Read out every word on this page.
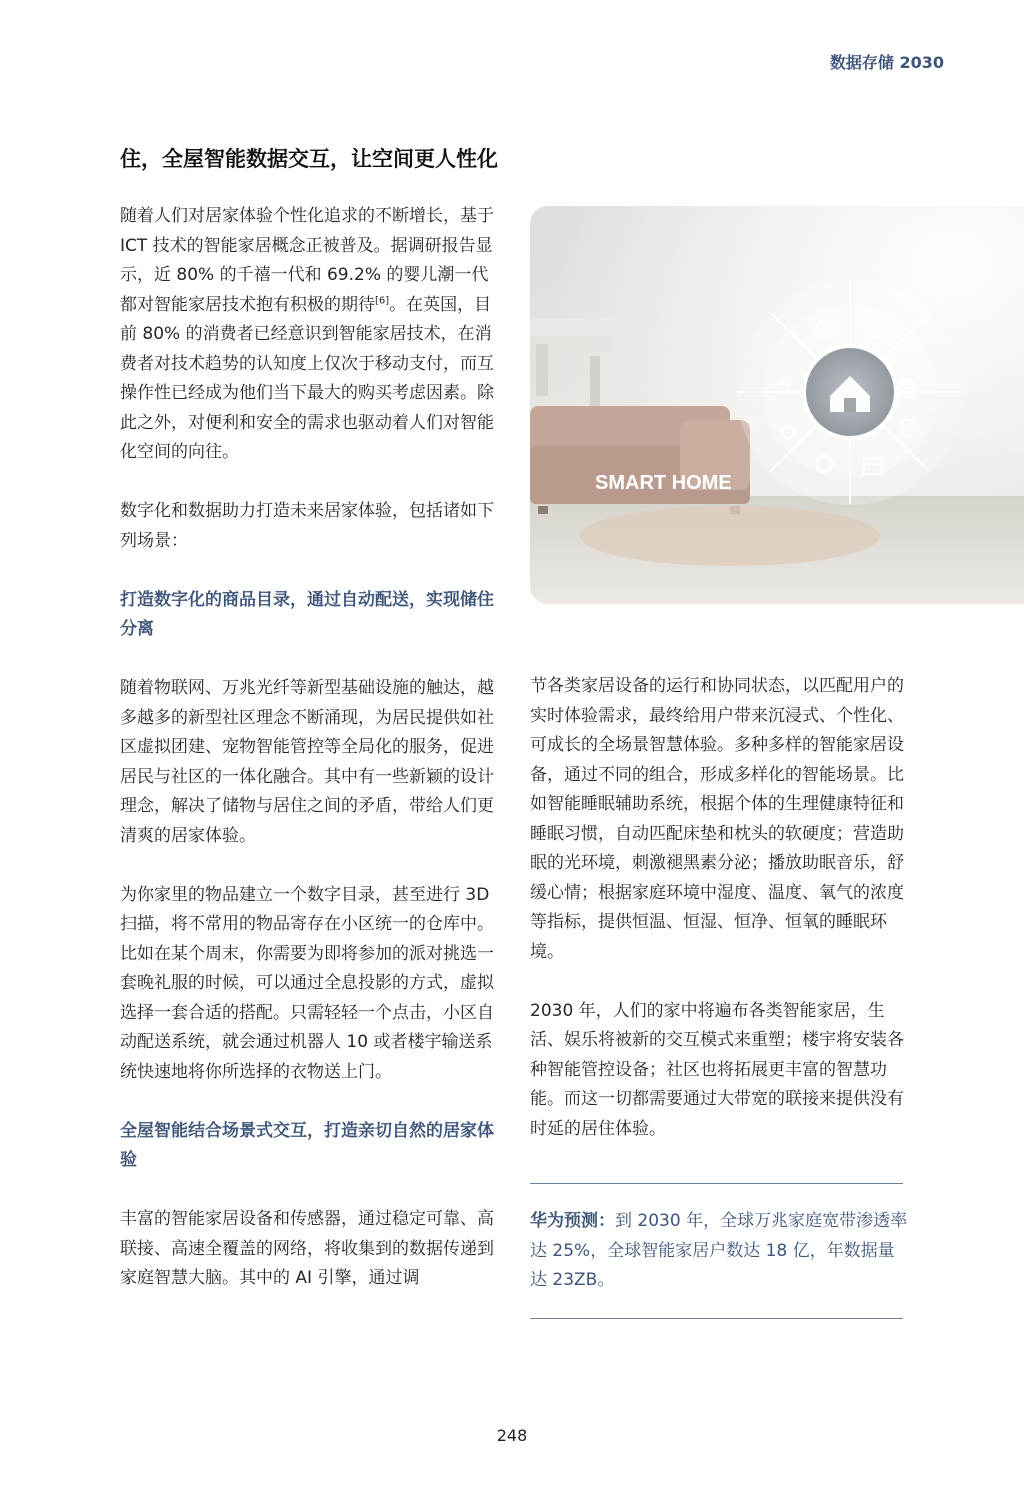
数据存储 2030
住，全屋智能数据交互，让空间更人性化

随着人们对居家体验个性化追求的不断增长，基于 ICT 技术的智能家居概念正被普及。据调研报告显示，近 80% 的千禧一代和 69.2% 的婴儿潮一代都对智能家居技术抱有积极的期待[6]。在英国，目前 80% 的消费者已经意识到智能家居技术，在消费者对技术趋势的认知度上仅次于移动支付，而互操作性已经成为他们当下最大的购买考虑因素。除此之外，对便利和安全的需求也驱动着人们对智能化空间的向往。

数字化和数据助力打造未来居家体验，包括诸如下列场景：

打造数字化的商品目录，通过自动配送，实现储住分离

随着物联网、万兆光纤等新型基础设施的触达，越多越多的新型社区理念不断涌现，为居民提供如社区虚拟团建、宠物智能管控等全局化的服务，促进居民与社区的一体化融合。其中有一些新颖的设计理念，解决了储物与居住之间的矛盾，带给人们更清爽的居家体验。

为你家里的物品建立一个数字目录，甚至进行 3D 扫描，将不常用的物品寄存在小区统一的仓库中。比如在某个周末，你需要为即将参加的派对挑选一套晚礼服的时候，可以通过全息投影的方式，虚拟选择一套合适的搭配。只需轻轻一个点击，小区自动配送系统，就会通过机器人 10 或者楼宇输送系统快速地将你所选择的衣物送上门。

全屋智能结合场景式交互，打造亲切自然的居家体验

丰富的智能家居设备和传感器，通过稳定可靠、高联接、高速全覆盖的网络，将收集到的数据传递到家庭智慧大脑。其中的 AI 引擎，通过调

SMART HOME

节各类家居设备的运行和协同状态，以匹配用户的实时体验需求，最终给用户带来沉浸式、个性化、可成长的全场景智慧体验。多种多样的智能家居设备，通过不同的组合，形成多样化的智能场景。比如智能睡眠辅助系统，根据个体的生理健康特征和睡眠习惯，自动匹配床垫和枕头的软硬度；营造助眠的光环境，刺激褪黑素分泌；播放助眠音乐，舒缓心情；根据家庭环境中湿度、温度、氧气的浓度等指标，提供恒温、恒湿、恒净、恒氧的睡眠环境。

2030 年，人们的家中将遍布各类智能家居，生活、娱乐将被新的交互模式来重塑；楼宇将安装各种智能管控设备；社区也将拓展更丰富的智慧功能。而这一切都需要通过大带宽的联接来提供没有时延的居住体验。

华为预测：到 2030 年，全球万兆家庭宽带渗透率达 25%，全球智能家居户数达 18 亿，年数据量达 23ZB。
248
